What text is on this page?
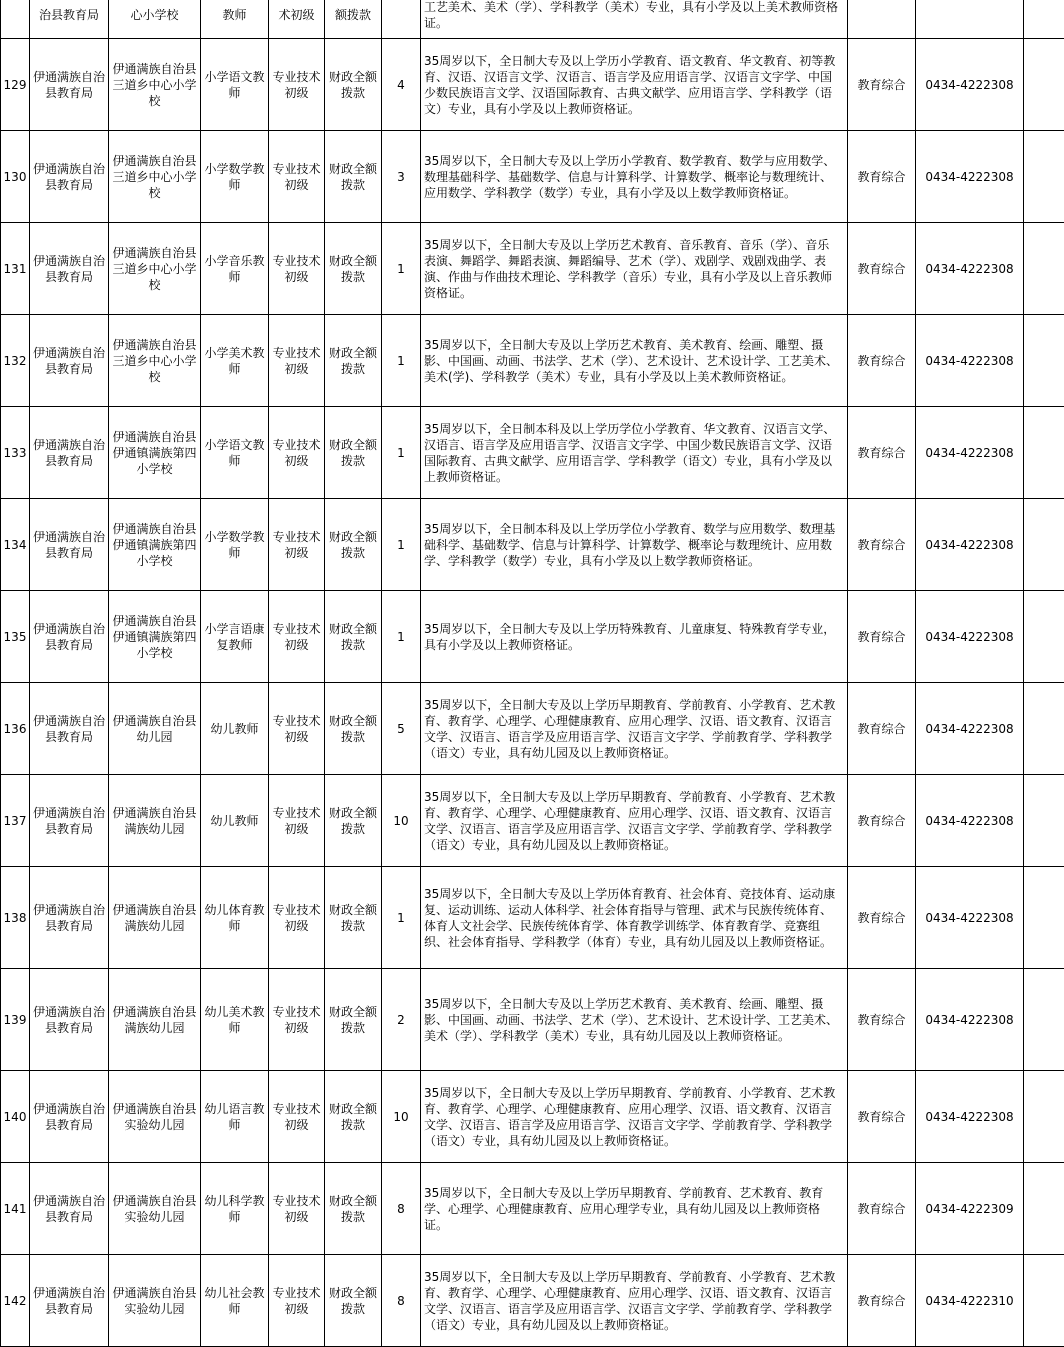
	治县教育局	心小学校	教师	术初级	额拨款		工艺美术、美术（学）、学科教学（美术）专业，具有小学及以上美术教师资格证。			
129	伊通满族自治县教育局	伊通满族自治县三道乡中心小学校	小学语文教师	专业技术初级	财政全额拨款	4	35周岁以下，全日制大专及以上学历小学教育、语文教育、华文教育、初等教育、汉语、汉语言文学、汉语言、语言学及应用语言学、汉语言文字学、中国少数民族语言文学、汉语国际教育、古典文献学、应用语言学、学科教学（语文）专业，具有小学及以上教师资格证。	教育综合	0434-4222308	
130	伊通满族自治县教育局	伊通满族自治县三道乡中心小学校	小学数学教师	专业技术初级	财政全额拨款	3	35周岁以下，全日制大专及以上学历小学教育、数学教育、数学与应用数学、数理基础科学、基础数学、信息与计算科学、计算数学、概率论与数理统计、应用数学、学科教学（数学）专业，具有小学及以上数学教师资格证。	教育综合	0434-4222308	
131	伊通满族自治县教育局	伊通满族自治县三道乡中心小学校	小学音乐教师	专业技术初级	财政全额拨款	1	35周岁以下，全日制大专及以上学历艺术教育、音乐教育、音乐（学）、音乐表演、舞蹈学、舞蹈表演、舞蹈编导、艺术（学）、戏剧学、戏剧戏曲学、表演、作曲与作曲技术理论、学科教学（音乐）专业，具有小学及以上音乐教师资格证。	教育综合	0434-4222308	
132	伊通满族自治县教育局	伊通满族自治县三道乡中心小学校	小学美术教师	专业技术初级	财政全额拨款	1	35周岁以下，全日制大专及以上学历艺术教育、美术教育、绘画、雕塑、摄影、中国画、动画、书法学、艺术（学）、艺术设计、艺术设计学、工艺美术、美术(学)、学科教学（美术）专业，具有小学及以上美术教师资格证。	教育综合	0434-4222308	
133	伊通满族自治县教育局	伊通满族自治县伊通镇满族第四小学校	小学语文教师	专业技术初级	财政全额拨款	1	35周岁以下，全日制本科及以上学历学位小学教育、华文教育、汉语言文学、汉语言、语言学及应用语言学、汉语言文字学、中国少数民族语言文学、汉语国际教育、古典文献学、应用语言学、学科教学（语文）专业，具有小学及以上教师资格证。	教育综合	0434-4222308	
134	伊通满族自治县教育局	伊通满族自治县伊通镇满族第四小学校	小学数学教师	专业技术初级	财政全额拨款	1	35周岁以下，全日制本科及以上学历学位小学教育、数学与应用数学、数理基础科学、基础数学、信息与计算科学、计算数学、概率论与数理统计、应用数学、学科教学（数学）专业，具有小学及以上数学教师资格证。	教育综合	0434-4222308	
135	伊通满族自治县教育局	伊通满族自治县伊通镇满族第四小学校	小学言语康复教师	专业技术初级	财政全额拨款	1	35周岁以下，全日制大专及以上学历特殊教育、儿童康复、特殊教育学专业，具有小学及以上教师资格证。	教育综合	0434-4222308	
136	伊通满族自治县教育局	伊通满族自治县幼儿园	幼儿教师	专业技术初级	财政全额拨款	5	35周岁以下，全日制大专及以上学历早期教育、学前教育、小学教育、艺术教育、教育学、心理学、心理健康教育、应用心理学、汉语、语文教育、汉语言文学、汉语言、语言学及应用语言学、汉语言文字学、学前教育学、学科教学（语文）专业，具有幼儿园及以上教师资格证。	教育综合	0434-4222308	
137	伊通满族自治县教育局	伊通满族自治县满族幼儿园	幼儿教师	专业技术初级	财政全额拨款	10	35周岁以下，全日制大专及以上学历早期教育、学前教育、小学教育、艺术教育、教育学、心理学、心理健康教育、应用心理学、汉语、语文教育、汉语言文学、汉语言、语言学及应用语言学、汉语言文字学、学前教育学、学科教学（语文）专业，具有幼儿园及以上教师资格证。	教育综合	0434-4222308	
138	伊通满族自治县教育局	伊通满族自治县满族幼儿园	幼儿体育教师	专业技术初级	财政全额拨款	1	35周岁以下，全日制大专及以上学历体育教育、社会体育、竞技体育、运动康复、运动训练、运动人体科学、社会体育指导与管理、武术与民族传统体育、体育人文社会学、民族传统体育学、体育教学训练学、体育教育学、竞赛组织、社会体育指导、学科教学（体育）专业，具有幼儿园及以上教师资格证。	教育综合	0434-4222308	
139	伊通满族自治县教育局	伊通满族自治县满族幼儿园	幼儿美术教师	专业技术初级	财政全额拨款	2	35周岁以下，全日制大专及以上学历艺术教育、美术教育、绘画、雕塑、摄影、中国画、动画、书法学、艺术（学）、艺术设计、艺术设计学、工艺美术、美术（学）、学科教学（美术）专业，具有幼儿园及以上教师资格证。	教育综合	0434-4222308	
140	伊通满族自治县教育局	伊通满族自治县实验幼儿园	幼儿语言教师	专业技术初级	财政全额拨款	10	35周岁以下，全日制大专及以上学历早期教育、学前教育、小学教育、艺术教育、教育学、心理学、心理健康教育、应用心理学、汉语、语文教育、汉语言文学、汉语言、语言学及应用语言学、汉语言文字学、学前教育学、学科教学（语文）专业，具有幼儿园及以上教师资格证。	教育综合	0434-4222308	
141	伊通满族自治县教育局	伊通满族自治县实验幼儿园	幼儿科学教师	专业技术初级	财政全额拨款	8	35周岁以下，全日制大专及以上学历早期教育、学前教育、艺术教育、教育学、心理学、心理健康教育、应用心理学专业，具有幼儿园及以上教师资格证。	教育综合	0434-4222309	
142	伊通满族自治县教育局	伊通满族自治县实验幼儿园	幼儿社会教师	专业技术初级	财政全额拨款	8	35周岁以下，全日制大专及以上学历早期教育、学前教育、小学教育、艺术教育、教育学、心理学、心理健康教育、应用心理学、汉语、语文教育、汉语言文学、汉语言、语言学及应用语言学、汉语言文字学、学前教育学、学科教学（语文）专业，具有幼儿园及以上教师资格证。	教育综合	0434-4222310	
